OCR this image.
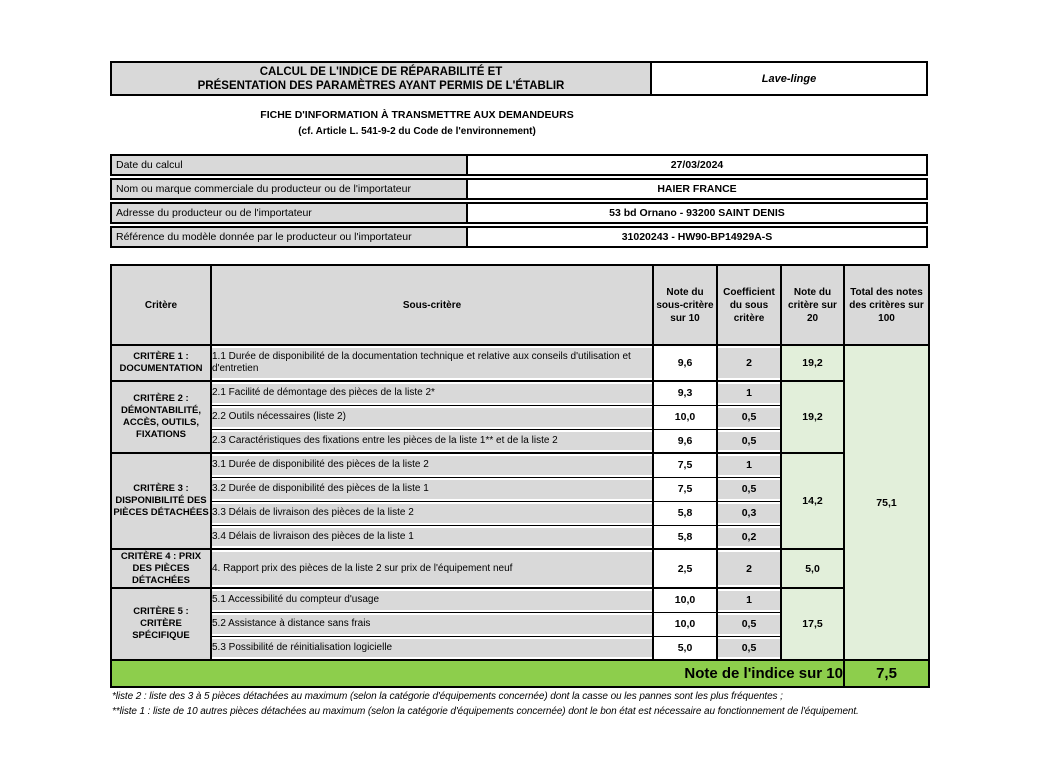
CALCUL DE L'INDICE DE RÉPARABILITÉ ET
PRÉSENTATION DES PARAMÈTRES AYANT PERMIS DE L'ÉTABLIR
Lave-linge
FICHE D'INFORMATION À TRANSMETTRE AUX DEMANDEURS
(cf. Article L. 541-9-2 du Code de l'environnement)
Date du calcul	27/03/2024
Nom ou marque commerciale du producteur ou de l'importateur	HAIER FRANCE
Adresse du producteur ou de l'importateur	53 bd Ornano - 93200 SAINT DENIS
Référence du modèle donnée par le producteur ou l'importateur	31020243 - HW90-BP14929A-S
Critère	Sous-critère	Note du sous-critère sur 10	Coefficient du sous critère	Note du critère sur 20	Total des notes des critères sur 100
CRITÈRE 1 : DOCUMENTATION	1.1 Durée de disponibilité de la documentation technique et relative aux conseils d'utilisation et d'entretien	9,6	2	19,2	75,1
CRITÈRE 2 : DÉMONTABILITÉ, ACCÈS, OUTILS, FIXATIONS	2.1 Facilité de démontage des pièces de la liste 2*	9,3	1	19,2	
	2.2 Outils nécessaires (liste 2)	10,0	0,5		
	2.3 Caractéristiques des fixations entre les pièces de la liste 1** et de la liste 2	9,6	0,5		
CRITÈRE 3 : DISPONIBILITÉ DES PIÈCES DÉTACHÉES	3.1 Durée de disponibilité des pièces de la liste 2	7,5	1	14,2	
	3.2 Durée de disponibilité des pièces de la liste 1	7,5	0,5		
	3.3 Délais de livraison des pièces de la liste 2	5,8	0,3		
	3.4 Délais de livraison des pièces de la liste 1	5,8	0,2		
CRITÈRE 4 : PRIX DES PIÈCES DÉTACHÉES	4. Rapport prix des pièces de la liste 2 sur prix de l'équipement neuf	2,5	2	5,0	
CRITÈRE 5 : CRITÈRE SPÉCIFIQUE	5.1 Accessibilité du compteur d'usage	10,0	1	17,5	
	5.2 Assistance à distance sans frais	10,0	0,5		
	5.3 Possibilité de réinitialisation logicielle	5,0	0,5		
Note de l'indice sur 10					7,5
*liste 2 : liste des 3 à 5 pièces détachées au maximum (selon la catégorie d'équipements concernée) dont la casse ou les pannes sont les plus fréquentes ;
**liste 1 : liste de 10 autres pièces détachées au maximum (selon la catégorie d'équipements concernée) dont le bon état est nécessaire au fonctionnement de l'équipement.
